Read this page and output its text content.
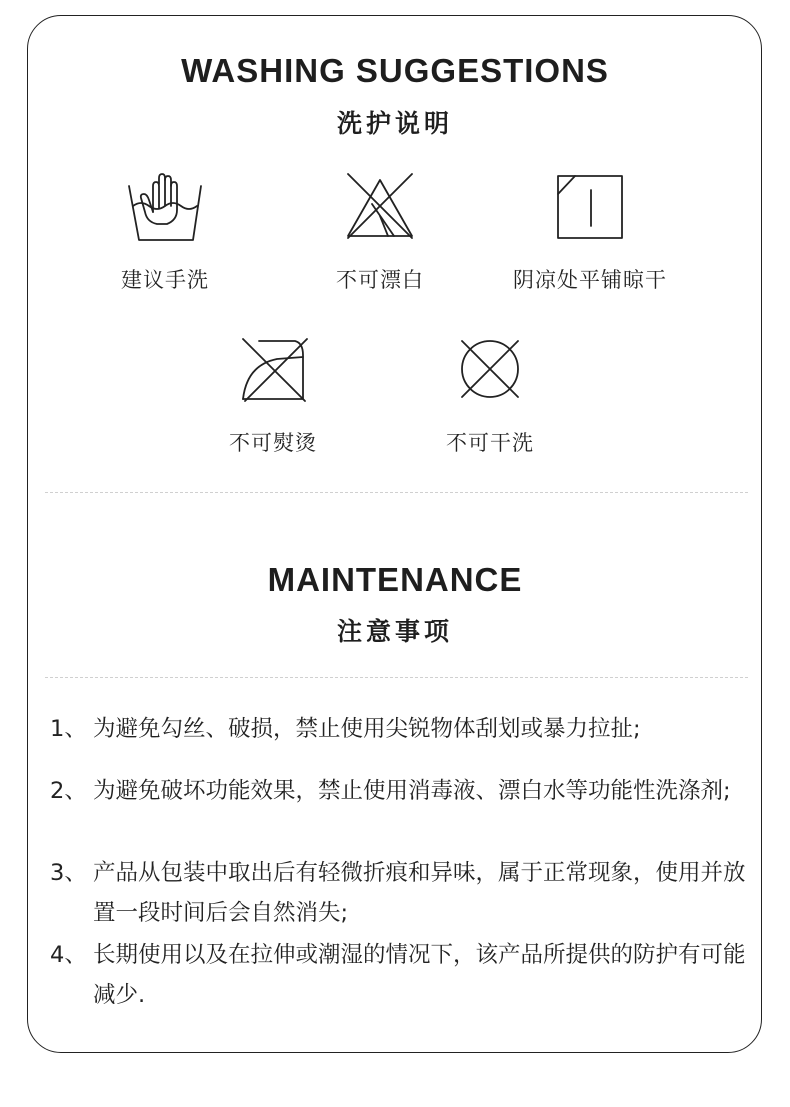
WASHING SUGGESTIONS
洗护说明
建议手洗	不可漂白	阴凉处平铺晾干
不可熨烫	不可干洗
MAINTENANCE
注意事项
1、 为避免勾丝、破损，禁止使用尖锐物体刮划或暴力拉扯;
2、 为避免破坏功能效果，禁止使用消毒液、漂白水等功能性洗涤剂;
3、 产品从包装中取出后有轻微折痕和异味，属于正常现象，使用并放置一段时间后会自然消失;
4、 长期使用以及在拉伸或潮湿的情况下，该产品所提供的防护有可能减少.
